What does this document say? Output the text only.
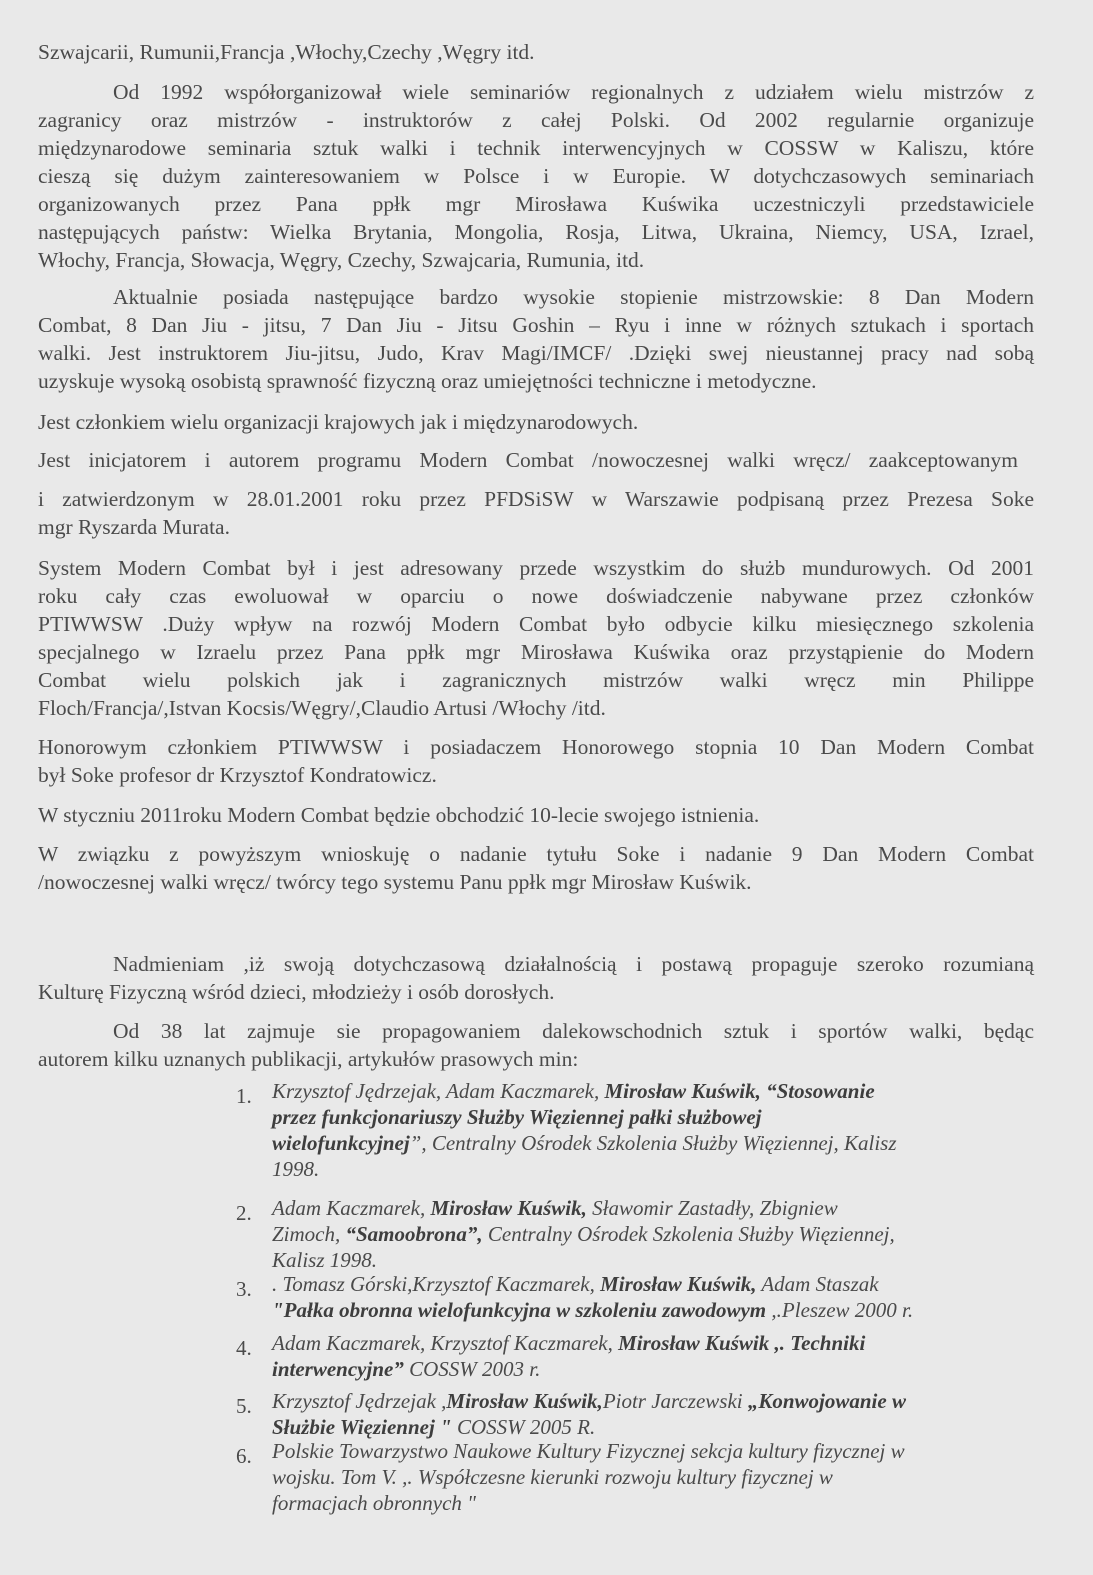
Szwajcarii, Rumunii,Francja ,Włochy,Czechy ,Węgry itd.
Od 1992 współorganizował wiele seminariów regionalnych z udziałem wielu mistrzów z
zagranicy oraz mistrzów - instruktorów z całej Polski. Od 2002 regularnie organizuje
międzynarodowe seminaria sztuk walki i technik interwencyjnych w COSSW w Kaliszu, które
cieszą się dużym zainteresowaniem w Polsce i w Europie. W dotychczasowych seminariach
organizowanych przez Pana ppłk mgr Mirosława Kuświka uczestniczyli przedstawiciele
następujących państw: Wielka Brytania, Mongolia, Rosja, Litwa, Ukraina, Niemcy, USA, Izrael,
Włochy, Francja, Słowacja, Węgry, Czechy, Szwajcaria, Rumunia, itd.
Aktualnie posiada następujące bardzo wysokie stopienie mistrzowskie: 8 Dan Modern
Combat, 8 Dan Jiu - jitsu, 7 Dan Jiu - Jitsu Goshin – Ryu i inne w różnych sztukach i sportach
walki. Jest instruktorem Jiu-jitsu, Judo, Krav Magi/IMCF/ .Dzięki swej nieustannej pracy nad sobą
uzyskuje wysoką osobistą sprawność fizyczną oraz umiejętności techniczne i metodyczne.
Jest członkiem wielu organizacji krajowych jak i międzynarodowych.
Jest inicjatorem i autorem programu Modern Combat /nowoczesnej walki wręcz/ zaakceptowanym
i zatwierdzonym w 28.01.2001 roku przez PFDSiSW w Warszawie podpisaną przez Prezesa Soke
mgr Ryszarda Murata.
System Modern Combat był i jest adresowany przede wszystkim do służb mundurowych. Od 2001
roku cały czas ewoluował w oparciu o nowe doświadczenie nabywane przez członków
PTIWWSW .Duży wpływ na rozwój Modern Combat było odbycie kilku miesięcznego szkolenia
specjalnego w Izraelu przez Pana ppłk mgr Mirosława Kuświka oraz przystąpienie do Modern
Combat wielu polskich jak i zagranicznych mistrzów walki wręcz min Philippe
Floch/Francja/,Istvan Kocsis/Węgry/,Claudio Artusi /Włochy /itd.
Honorowym członkiem PTIWWSW i posiadaczem Honorowego stopnia 10 Dan Modern Combat
był Soke profesor dr Krzysztof Kondratowicz.
W styczniu 2011roku Modern Combat będzie obchodzić 10-lecie swojego istnienia.
W związku z powyższym wnioskuję o nadanie tytułu Soke i nadanie 9 Dan Modern Combat
/nowoczesnej walki wręcz/ twórcy tego systemu Panu ppłk mgr Mirosław Kuświk.
Nadmieniam ,iż swoją dotychczasową działalnością i postawą propaguje szeroko rozumianą
Kulturę Fizyczną wśród dzieci, młodzieży i osób dorosłych.
Od 38 lat zajmuje sie propagowaniem dalekowschodnich sztuk i sportów walki, będąc
autorem kilku uznanych publikacji, artykułów prasowych min:
1. Krzysztof Jędrzejak, Adam Kaczmarek, Mirosław Kuświk, “Stosowanie
przez funkcjonariuszy Służby Więziennej pałki służbowej
wielofunkcyjnej”, Centralny Ośrodek Szkolenia Służby Więziennej, Kalisz
1998.
2. Adam Kaczmarek, Mirosław Kuświk, Sławomir Zastadły, Zbigniew
Zimoch, “Samoobrona”, Centralny Ośrodek Szkolenia Służby Więziennej,
Kalisz 1998.
3. . Tomasz Górski,Krzysztof Kaczmarek, Mirosław Kuświk, Adam Staszak
"Pałka obronna wielofunkcyjna w szkoleniu zawodowym ,.Pleszew 2000 r.
4. Adam Kaczmarek, Krzysztof Kaczmarek, Mirosław Kuświk ,. Techniki
interwencyjne” COSSW 2003 r.
5. Krzysztof Jędrzejak ,Mirosław Kuświk,Piotr Jarczewski „Konwojowanie w
Służbie Więziennej " COSSW 2005 R.
6. Polskie Towarzystwo Naukowe Kultury Fizycznej sekcja kultury fizycznej w
wojsku. Tom V. ,. Współczesne kierunki rozwoju kultury fizycznej w
formacjach obronnych "
